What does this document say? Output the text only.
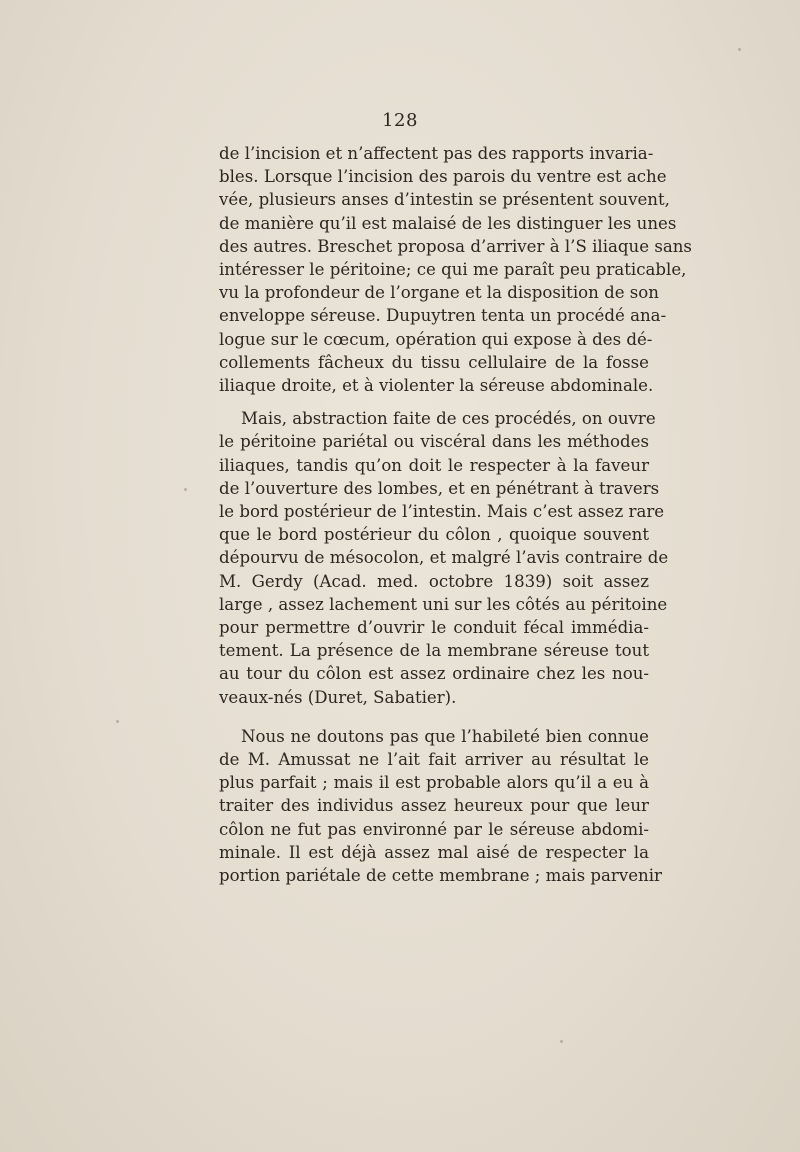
128
de l’incision et n’affectent pas des rapports invaria-
bles. Lorsque l’incision des parois du ventre est ache
vée, plusieurs anses d’intestin se présentent souvent,
de manière qu’il est malaisé de les distinguer les unes
des autres. Breschet proposa d’arriver à l’S iliaque sans
intéresser le péritoine; ce qui me paraît peu praticable,
vu la profondeur de l’organe et la disposition de son
enveloppe séreuse. Dupuytren tenta un procédé ana-
logue sur le cœcum, opération qui expose à des dé-
collements fâcheux du tissu cellulaire de la fosse
iliaque droite, et à violenter la séreuse abdominale.
Mais, abstraction faite de ces procédés, on ouvre
le péritoine pariétal ou viscéral dans les méthodes
iliaques, tandis qu’on doit le respecter à la faveur
de l’ouverture des lombes, et en pénétrant à travers
le bord postérieur de l’intestin. Mais c’est assez rare
que le bord postérieur du côlon , quoique souvent
dépourvu de mésocolon, et malgré l’avis contraire de
M. Gerdy (Acad. med. octobre 1839) soit assez
large , assez lachement uni sur les côtés au péritoine
pour permettre d’ouvrir le conduit fécal immédia-
tement. La présence de la membrane séreuse tout
au tour du côlon est assez ordinaire chez les nou-
veaux-nés (Duret, Sabatier).
Nous ne doutons pas que l’habileté bien connue
de M. Amussat ne l’ait fait arriver au résultat le
plus parfait ; mais il est probable alors qu’il a eu à
traiter des individus assez heureux pour que leur
côlon ne fut pas environné par le séreuse abdomi-
minale. Il est déjà assez mal aisé de respecter la
portion pariétale de cette membrane ; mais parvenir
